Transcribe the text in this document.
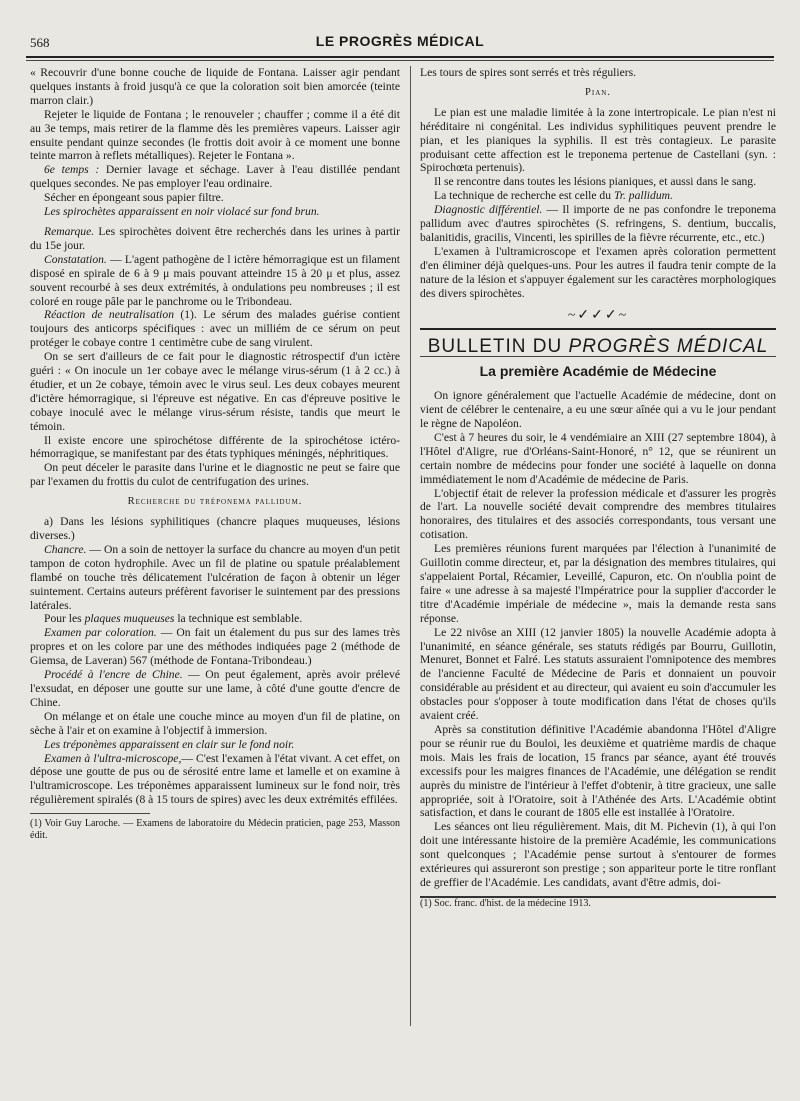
568	LE PROGRÈS MÉDICAL

« Recouvrir d'une bonne couche de liquide de Fontana. Laisser agir pendant quelques instants à froid jusqu'à ce que la coloration soit bien amorcée (teinte marron clair.)

Rejeter le liquide de Fontana ; le renouveler ; chauffer ; comme il a été dit au 3e temps, mais retirer de la flamme dès les premières vapeurs. Laisser agir ensuite pendant quinze secondes (le frottis doit avoir à ce moment une bonne teinte marron à reflets métalliques). Rejeter le Fontana ».

6e temps : Dernier lavage et séchage. Laver à l'eau distillée pendant quelques secondes. Ne pas employer l'eau ordinaire.

Sécher en épongeant sous papier filtre.

Les spirochètes apparaissent en noir violacé sur fond brun.

Remarque. Les spirochètes doivent être recherchés dans les urines à partir du 15e jour.

Constatation. — L'agent pathogène de l ictère hémorragique est un filament disposé en spirale de 6 à 9 μ mais pouvant atteindre 15 à 20 μ et plus, assez souvent recourbé à ses deux extrémités, à ondulations peu nombreuses ; il est coloré en rouge pâle par le panchrome ou le Tribondeau.

Réaction de neutralisation (1). Le sérum des malades guérise contient toujours des anticorps spécifiques : avec un milliém de ce sérum on peut protéger le cobaye contre 1 centimètre cube de sang virulent.

On se sert d'ailleurs de ce fait pour le diagnostic rétrospectif d'un ictère guéri : « On inocule un 1er cobaye avec le mélange virus-sérum (1 à 2 cc.) à étudier, et un 2e cobaye, témoin avec le virus seul. Les deux cobayes meurent d'ictère hémorragique, si l'épreuve est négative. En cas d'épreuve positive le cobaye inoculé avec le mélange virus-sérum résiste, tandis que meurt le témoin.

Il existe encore une spirochétose différente de la spirochétose ictéro-hémorragique, se manifestant par des états typhiques méningés, néphritiques.

On peut déceler le parasite dans l'urine et le diagnostic ne peut se faire que par l'examen du frottis du culot de centrifugation des urines.

Recherche du tréponema pallidum.

a) Dans les lésions syphilitiques (chancre plaques muqueuses, lésions diverses.)

Chancre. — On a soin de nettoyer la surface du chancre au moyen d'un petit tampon de coton hydrophile. Avec un fil de platine ou spatule préalablement flambé on touche très délicatement l'ulcération de façon à obtenir un léger suintement. Certains auteurs préfèrent favoriser le suintement par des pressions latérales.

Pour les plaques muqueuses la technique est semblable.

Examen par coloration. — On fait un étalement du pus sur des lames très propres et on les colore par une des méthodes indiquées page 2 (méthode de Giemsa, de Laveran) 567 (méthode de Fontana-Tribondeau.)

Procédé à l'encre de Chine. — On peut également, après avoir prélevé l'exsudat, en déposer une goutte sur une lame, à côté d'une goutte d'encre de Chine.

On mélange et on étale une couche mince au moyen d'un fil de platine, on sèche à l'air et on examine à l'objectif à immersion.

Les tréponèmes apparaissent en clair sur le fond noir.

Examen à l'ultra-microscope,— C'est l'examen à l'état vivant. A cet effet, on dépose une goutte de pus ou de sérosité entre lame et lamelle et on examine à l'ultramicroscope. Les tréponèmes apparaissent lumineux sur le fond noir, très régulièrement spiralés (8 à 15 tours de spires) avec les deux extrémités effilées.

(1) Voir Guy Laroche. — Examens de laboratoire du Médecin praticien, page 253, Masson édit.

Les tours de spires sont serrés et très réguliers.

Pian.

Le pian est une maladie limitée à la zone intertropicale. Le pian n'est ni héréditaire ni congénital. Les individus syphilitiques peuvent prendre le pian, et les pianiques la syphilis. Il est très contagieux. Le parasite produisant cette affection est le treponema pertenue de Castellani (syn. : Spirochœta pertenuis).

Il se rencontre dans toutes les lésions pianiques, et aussi dans le sang.

La technique de recherche est celle du Tr. pallidum.

Diagnostic différentiel. — Il importe de ne pas confondre le treponema pallidum avec d'autres spirochètes (S. refringens, S. dentium, buccalis, balanitidis, gracilis, Vincenti, les spirilles de la fièvre récurrente, etc., etc.)

L'examen à l'ultramicroscope et l'examen après coloration permettent d'en éliminer déjà quelques-uns. Pour les autres il faudra tenir compte de la nature de la lésion et s'appuyer également sur les caractères morphologiques des divers spirochètes.

~✓✓✓~
BULLETIN DU PROGRÈS MÉDICAL
La première Académie de Médecine

On ignore généralement que l'actuelle Académie de médecine, dont on vient de célébrer le centenaire, a eu une sœur aînée qui a vu le jour pendant le règne de Napoléon.

C'est à 7 heures du soir, le 4 vendémiaire an XIII (27 septembre 1804), à l'Hôtel d'Aligre, rue d'Orléans-Saint-Honoré, n° 12, que se réunirent un certain nombre de médecins pour fonder une société à laquelle on donna immédiatement le nom d'Académie de médecine de Paris.

L'objectif était de relever la profession médicale et d'assurer les progrès de l'art. La nouvelle société devait comprendre des membres titulaires honoraires, des titulaires et des associés correspondants, tous versant une cotisation.

Les premières réunions furent marquées par l'élection à l'unanimité de Guillotin comme directeur, et, par la désignation des membres titulaires, qui s'appelaient Portal, Récamier, Leveillé, Capuron, etc. On n'oublia point de faire « une adresse à sa majesté l'Impératrice pour la supplier d'accorder le titre d'Académie impériale de médecine », mais la demande resta sans réponse.

Le 22 nivôse an XIII (12 janvier 1805) la nouvelle Académie adopta à l'unanimité, en séance générale, ses statuts rédigés par Bourru, Guillotin, Menuret, Bonnet et Falré. Les statuts assuraient l'omnipotence des membres de l'ancienne Faculté de Médecine de Paris et donnaient un pouvoir considérable au président et au directeur, qui avaient eu soin d'accumuler les obstacles pour s'opposer à toute modification dans l'état de choses qu'ils avaient créé.

Après sa constitution définitive l'Académie abandonna l'Hôtel d'Aligre pour se réunir rue du Bouloi, les deuxième et quatrième mardis de chaque mois. Mais les frais de location, 15 francs par séance, ayant été trouvés excessifs pour les maigres finances de l'Académie, une délégation se rendit auprès du ministre de l'intérieur à l'effet d'obtenir, à titre gracieux, une salle appropriée, soit à l'Oratoire, soit à l'Athénée des Arts. L'Académie obtint satisfaction, et dans le courant de 1805 elle est installée à l'Oratoire.

Les séances ont lieu régulièrement. Mais, dit M. Pichevin (1), à qui l'on doit une intéressante histoire de la première Académie, les communications sont quelconques ; l'Académie pense surtout à s'entourer de formes extérieures qui assureront son prestige ; son appariteur porte le titre ronflant de greffier de l'Académie. Les candidats, avant d'être admis, doi-

(1) Soc. franc. d'hist. de la médecine 1913.
